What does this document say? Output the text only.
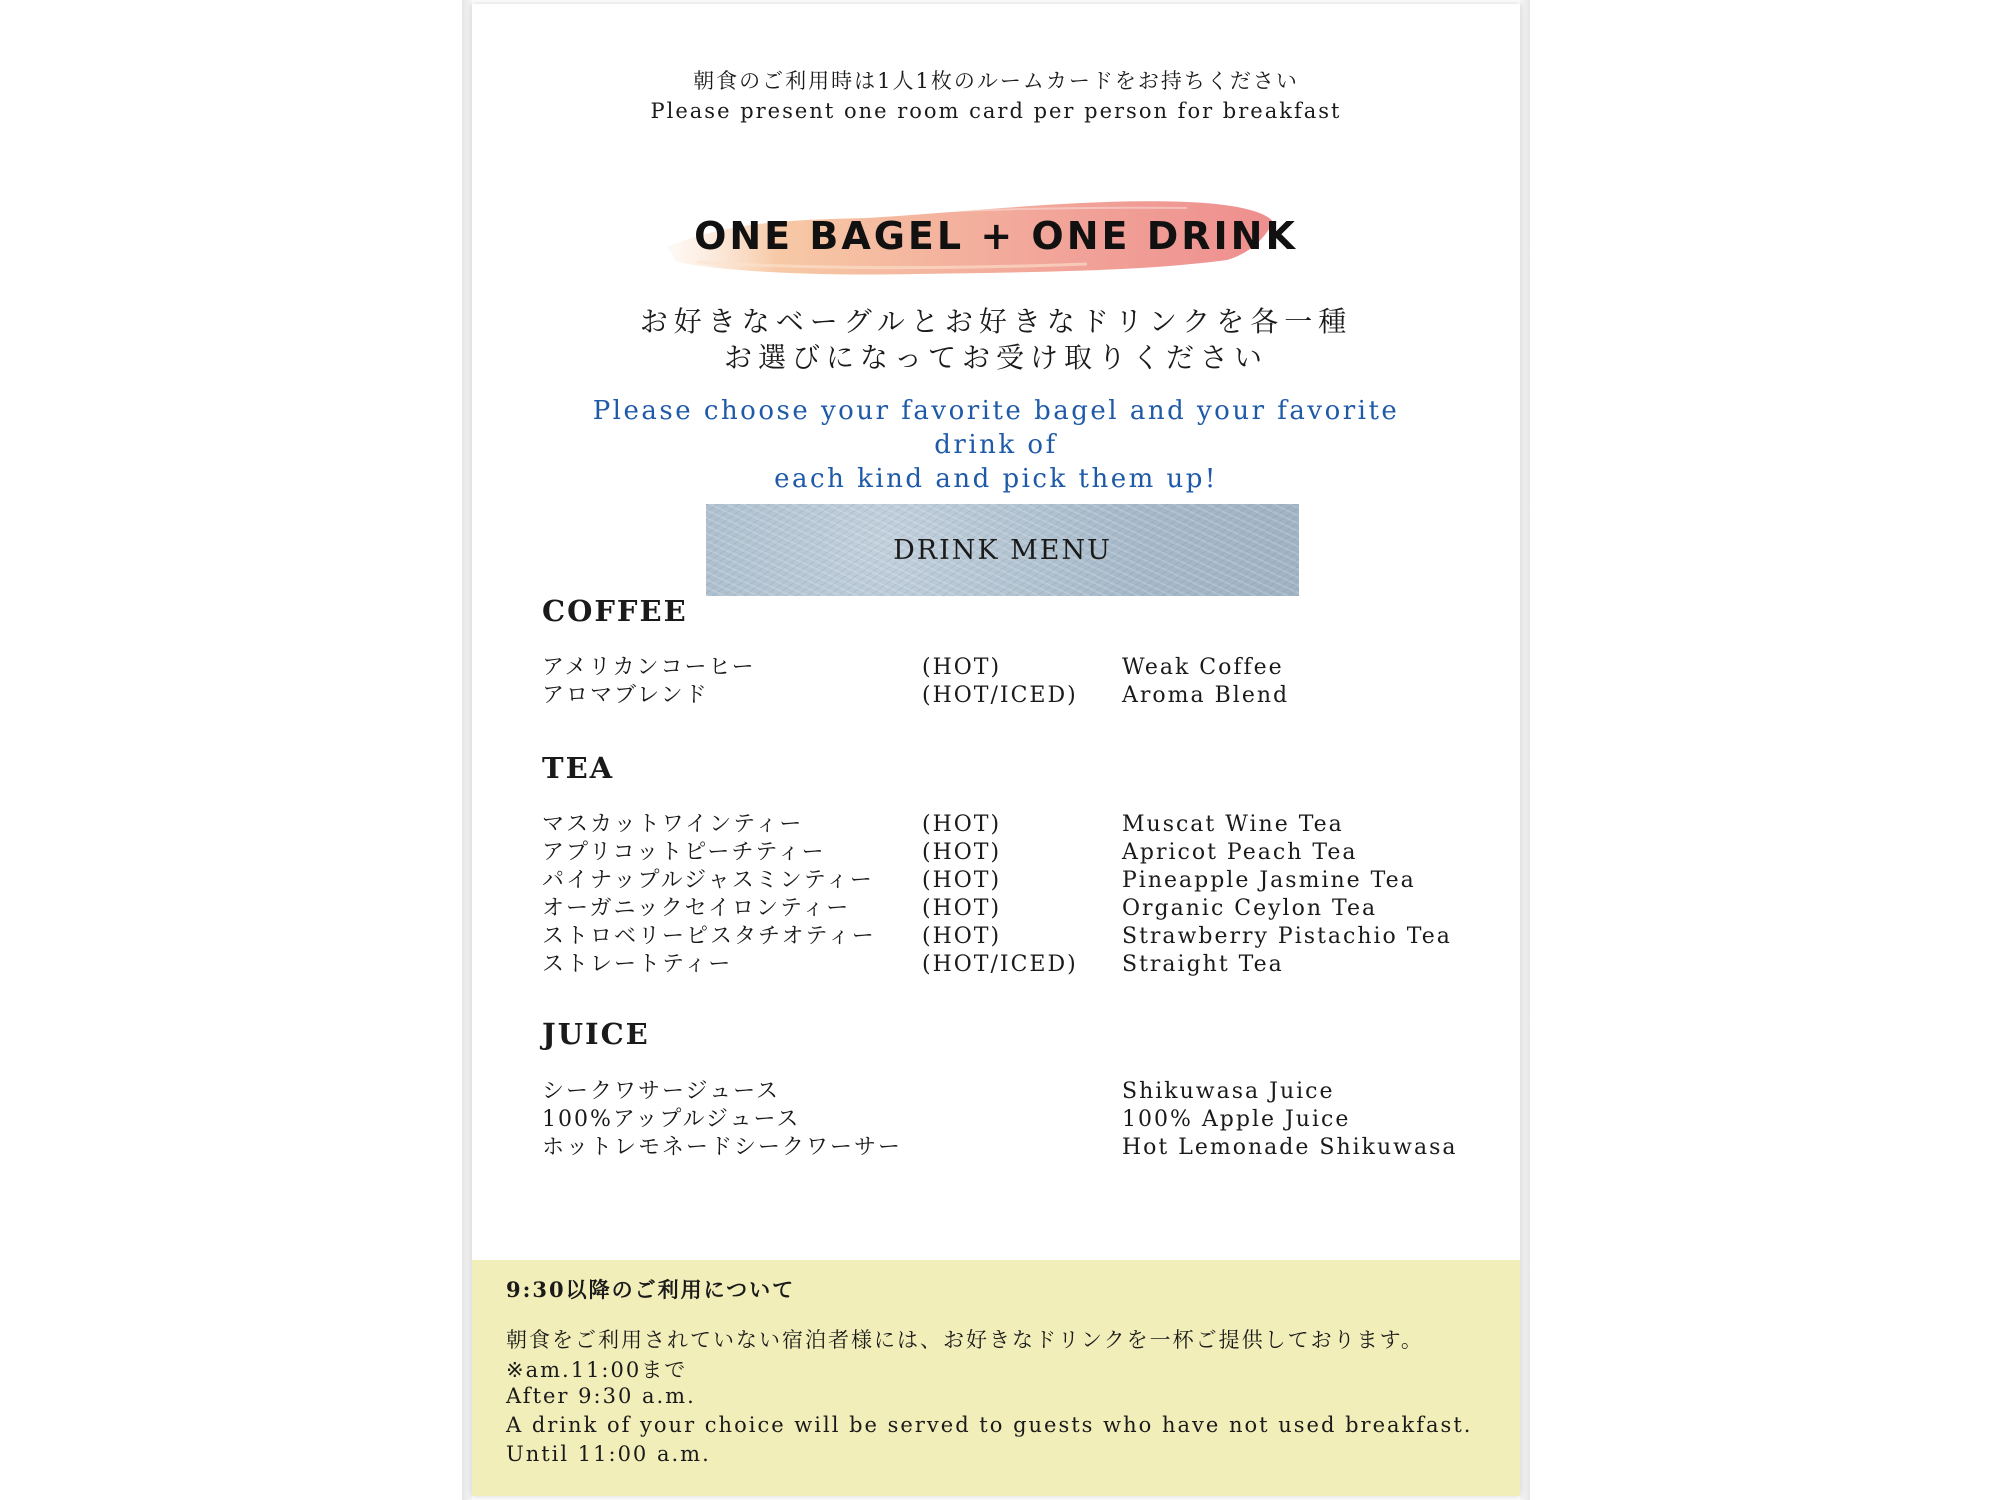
朝食のご利用時は1人1枚のルームカードをお持ちください
Please present one room card per person for breakfast
ONE BAGEL + ONE DRINK
お好きなベーグルとお好きなドリンクを各一種
お選びになってお受け取りください
Please choose your favorite bagel and your favorite drink of
each kind and pick them up!
DRINK MENU
COFFEE
アメリカンコーヒー	(HOT)	Weak Coffee
アロマブレンド	(HOT/ICED) Aroma Blend
TEA
マスカットワインティー	(HOT)	Muscat Wine Tea
アプリコットピーチティー	(HOT)	Apricot Peach Tea
パイナップルジャスミンティー (HOT)	Pineapple Jasmine Tea
オーガニックセイロンティー	(HOT)	Organic Ceylon Tea
ストロベリーピスタチオティー (HOT)	Strawberry Pistachio Tea
ストレートティー	(HOT/ICED) Straight Tea
JUICE
シークワサージュース	Shikuwasa Juice
100%アップルジュース	100% Apple Juice
ホットレモネードシークワーサー	Hot Lemonade Shikuwasa
9:30以降のご利用について
朝食をご利用されていない宿泊者様には、お好きなドリンクを一杯ご提供しております。
※am.11:00まで
After 9:30 a.m.
A drink of your choice will be served to guests who have not used breakfast.
Until 11:00 a.m.
